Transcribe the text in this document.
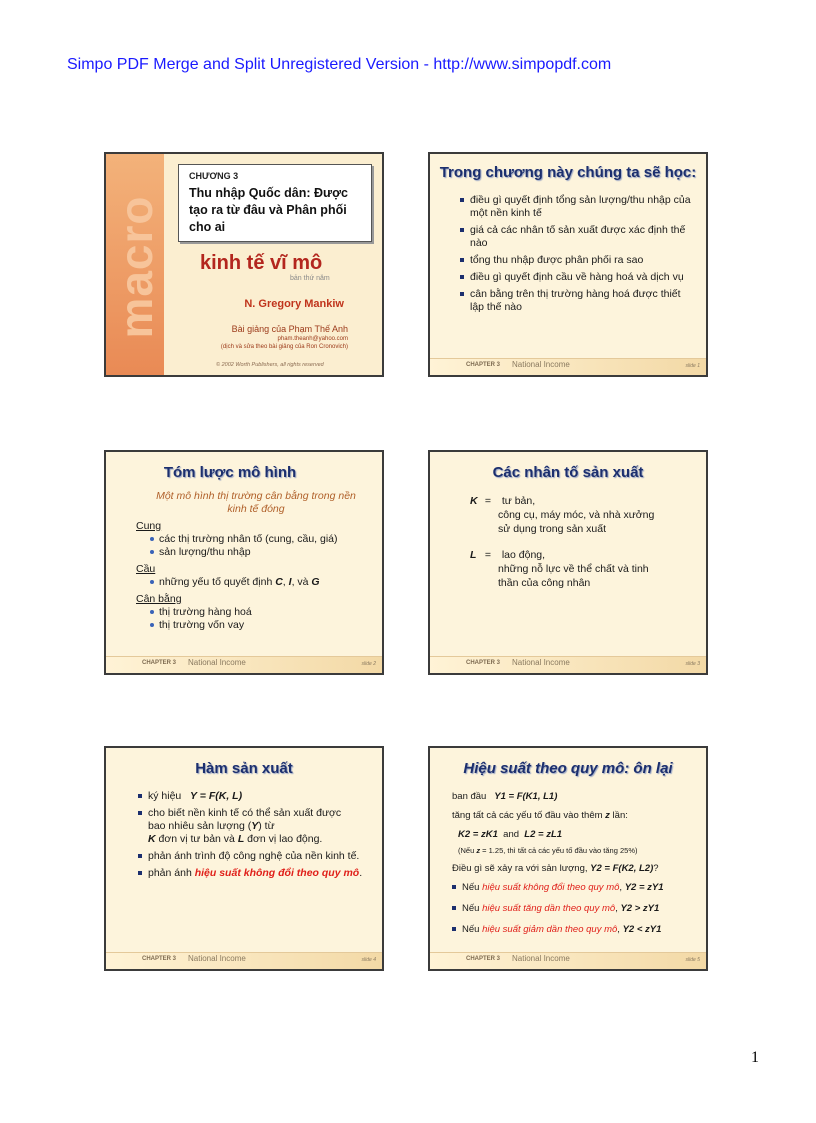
Simpo PDF Merge and Split Unregistered Version - http://www.simpopdf.com
macro
CHƯƠNG 3
Thu nhập Quốc dân: Được tạo ra từ đâu và Phân phối cho ai
kinh tế vĩ mô
bản thứ năm
N. Gregory Mankiw
Bài giảng của Phạm Thế Anh
pham.theanh@yahoo.com
(dịch và sửa theo bài giảng của Ron Cronovich)
© 2002 Worth Publishers, all rights reserved
Trong chương này chúng ta sẽ học:
điều gì quyết định tổng sản lượng/thu nhập của một nền kinh tế
giá cả các nhân tố sản xuất được xác định thế nào
tổng thu nhập được phân phối ra sao
điều gì quyết định cầu về hàng hoá và dịch vụ
cân bằng trên thị trường hàng hoá được thiết lập thế nào
CHAPTER 3 National Income	slide 1
Tóm lược mô hình
Một mô hình thị trường cân bằng trong nền kinh tế đóng
Cung
các thị trường nhân tố (cung, cầu, giá)
sản lượng/thu nhập
Cầu
những yếu tố quyết định C, I, và G
Cân bằng
thị trường hàng hoá
thị trường vốn vay
CHAPTER 3 National Income	slide 2
Các nhân tố sản xuất
K = tư bản,
công cụ, máy móc, và nhà xưởng
sử dụng trong sản xuất
L = lao động,
những nỗ lực về thể chất và tinh
thần của công nhân
CHAPTER 3 National Income	slide 3
Hàm sản xuất
ký hiệu Y = F(K, L)
cho biết nền kinh tế có thể sản xuất được
bao nhiêu sản lượng (Y) từ
K đơn vị tư bản và L đơn vị lao động.
phản ánh trình độ công nghệ của nền kinh tế.
phản ánh hiệu suất không đổi theo quy mô.
CHAPTER 3 National Income	slide 4
Hiệu suất theo quy mô: ôn lại
ban đầu Y1 = F(K1, L1)
tăng tất cả các yếu tố đầu vào thêm z lần:
K2 = zK1 and L2 = zL1
(Nếu z = 1.25, thì tất cả các yếu tố đầu vào tăng 25%)
Điều gì sẽ xảy ra với sản lượng, Y2 = F(K2, L2)?
Nếu hiệu suất không đổi theo quy mô, Y2 = zY1
Nếu hiệu suất tăng dần theo quy mô, Y2 > zY1
Nếu hiệu suất giảm dần theo quy mô, Y2 < zY1
CHAPTER 3 National Income	slide 5
1
